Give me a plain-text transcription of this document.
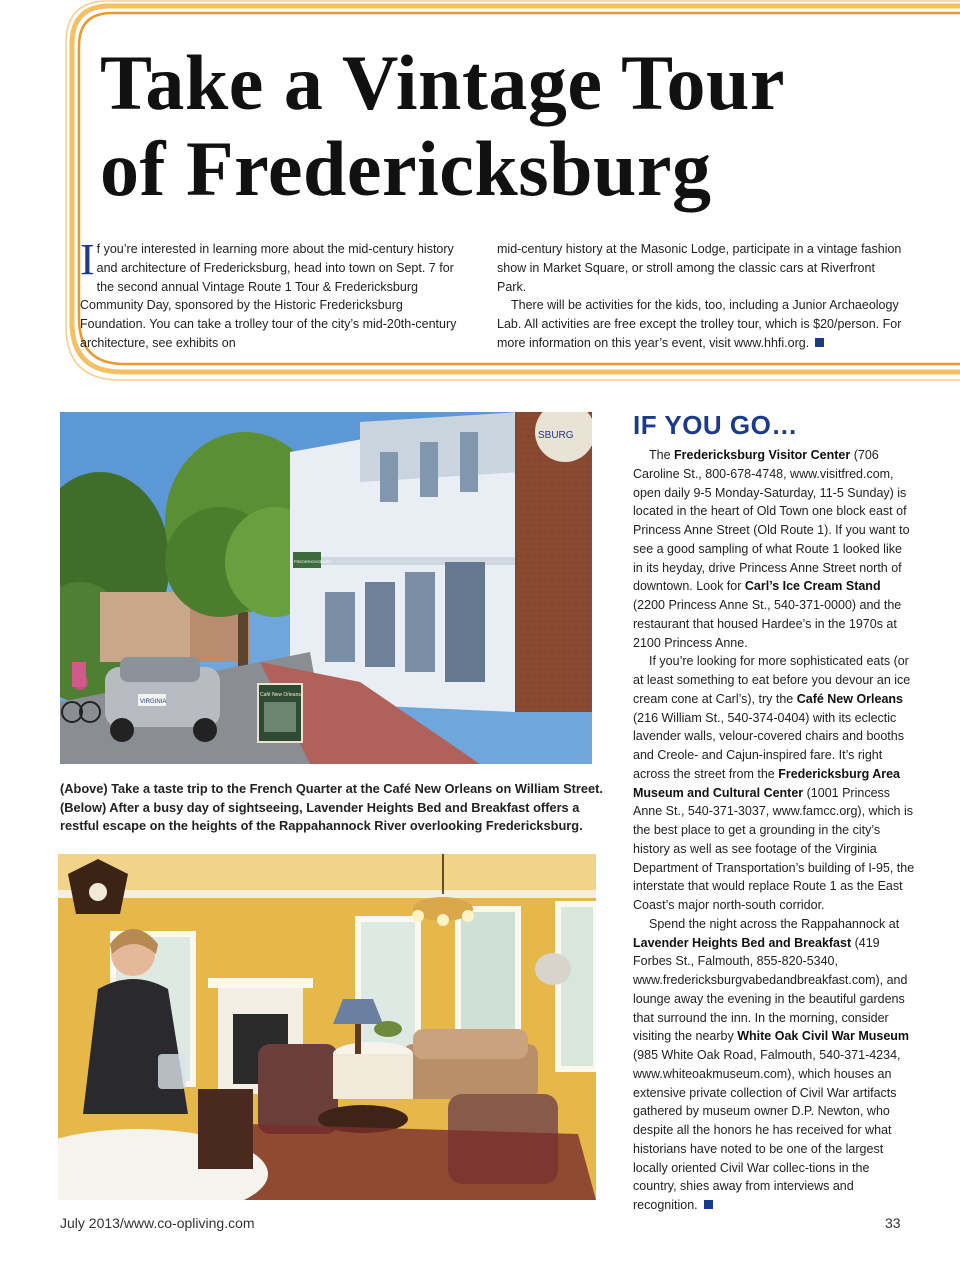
Take a Vintage Tour
of Fredericksburg

If you’re interested in learning more about the mid-century history and architecture of Fredericksburg, head into town on Sept. 7 for the second annual Vintage Route 1 Tour & Fredericksburg Community Day, sponsored by the Historic Fredericksburg Foundation. You can take a trolley tour of the city’s mid-20th-century architecture, see exhibits on

mid-century history at the Masonic Lodge, participate in a vintage fashion show in Market Square, or stroll among the classic cars at Riverfront Park.

There will be activities for the kids, too, including a Junior Archaeology Lab. All activities are free except the trolley tour, which is $20/person. For more information on this year’s event, visit www.hhfi.org.

SBURG
VIRGINIA
Café New Orleans
FREDERICKSBURG

(Above) Take a taste trip to the French Quarter at the Café New Orleans on William Street.

(Below) After a busy day of sightseeing, Lavender Heights Bed and Breakfast offers a restful escape on the heights of the Rappahannock River overlooking Fredericksburg.

IF YOU GO…

The Fredericksburg Visitor Center (706 Caroline St., 800-678-4748, www.visitfred.com, open daily 9-5 Monday-Saturday, 11-5 Sunday) is located in the heart of Old Town one block east of Princess Anne Street (Old Route 1). If you want to see a good sampling of what Route 1 looked like in its heyday, drive Princess Anne Street north of downtown. Look for Carl’s Ice Cream Stand (2200 Princess Anne St., 540-371-0000) and the restaurant that housed Hardee’s in the 1970s at 2100 Princess Anne.

If you’re looking for more sophisticated eats (or at least something to eat before you devour an ice cream cone at Carl’s), try the Café New Orleans (216 William St., 540-374-0404) with its eclectic lavender walls, velour-covered chairs and booths and Creole- and Cajun-inspired fare. It’s right across the street from the Fredericksburg Area Museum and Cultural Center (1001 Princess Anne St., 540-371-3037, www.famcc.org), which is the best place to get a grounding in the city’s history as well as see footage of the Virginia Department of Transportation’s building of I-95, the interstate that would replace Route 1 as the East Coast’s major north-south corridor.

Spend the night across the Rappahannock at Lavender Heights Bed and Breakfast (419 Forbes St., Falmouth, 855-820-5340, www.fredericksburgvabedandbreakfast.com), and lounge away the evening in the beautiful gardens that surround the inn. In the morning, consider visiting the nearby White Oak Civil War Museum (985 White Oak Road, Falmouth, 540-371-4234, www.whiteoakmuseum.com), which houses an extensive private collection of Civil War artifacts gathered by museum owner D.P. Newton, who despite all the honors he has received for what historians have noted to be one of the largest locally oriented Civil War collec-tions in the country, shies away from interviews and recognition.

July 2013/www.co-opliving.com	33
